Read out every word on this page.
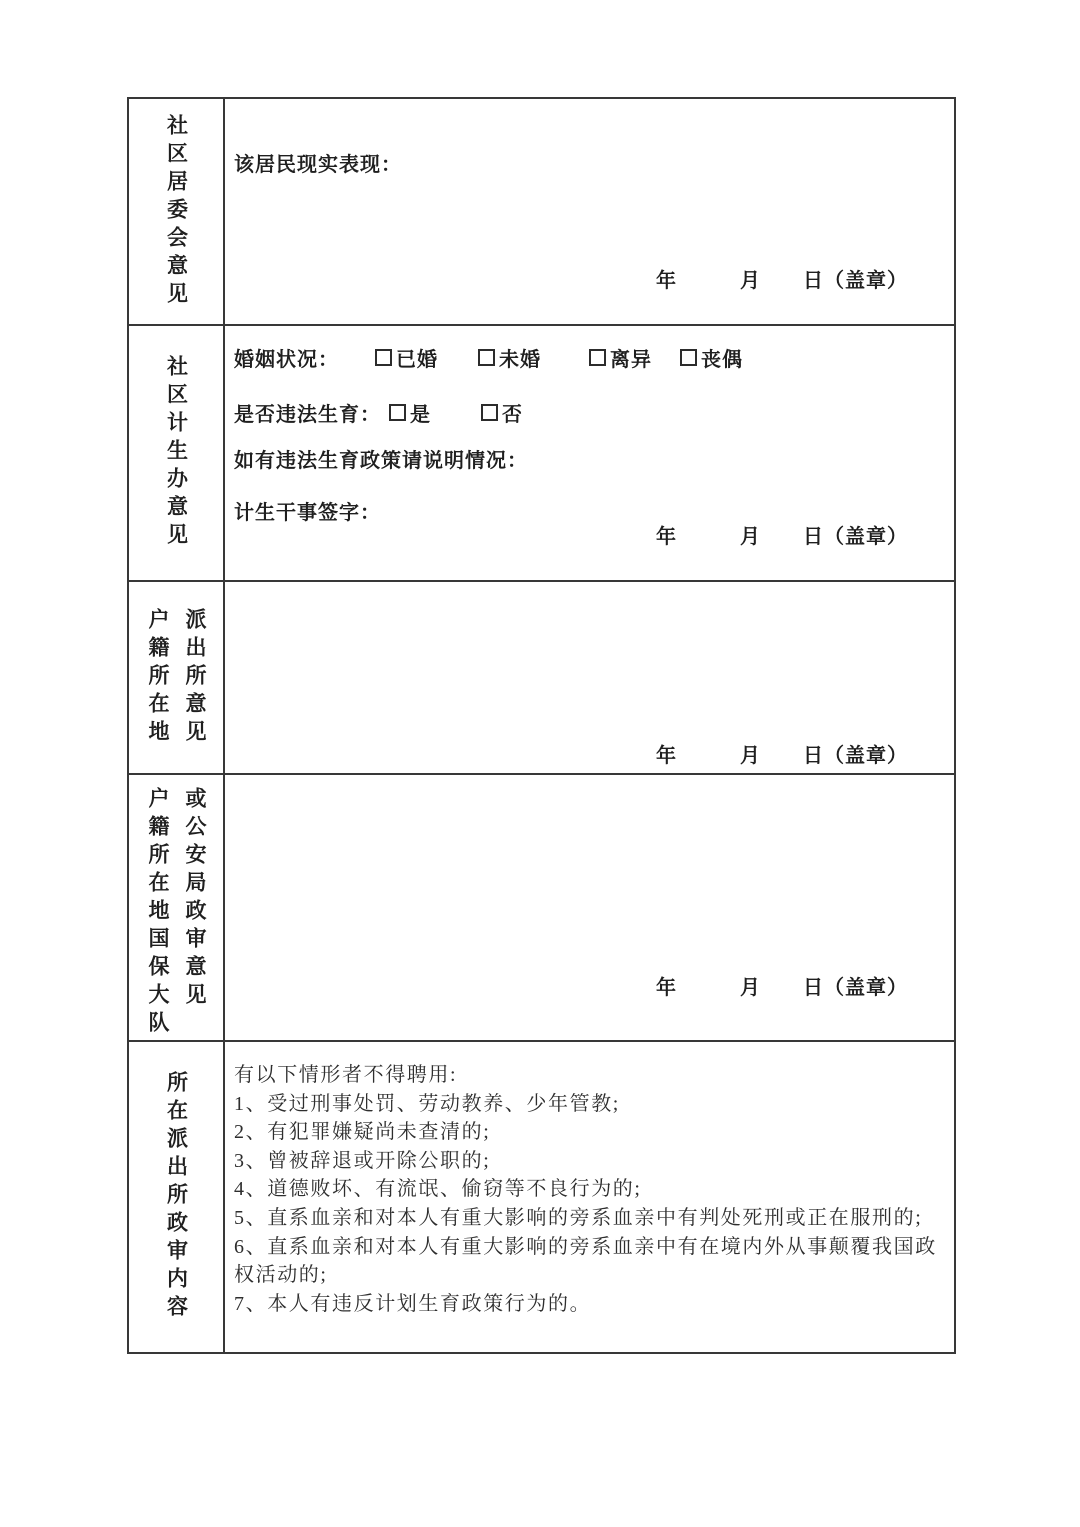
社区居委会意见 该居民现实表现：
年　　　月　　日（盖章）
社区计生办意见 婚姻状况：	已婚	未婚	离异 丧偶
是否违法生育： 是	否
如有违法生育政策请说明情况：
计生干事签字：
年　　　月　　日（盖章）
户籍所在地 派出所意见
年　　　月　　日（盖章）
户籍所在地国保大队 或公安局政审意见	年　　　月　　日（盖章）
所在派出所政审内容 有以下情形者不得聘用:
1、受过刑事处罚、劳动教养、少年管教;
2、有犯罪嫌疑尚未查清的;
3、曾被辞退或开除公职的;
4、道德败坏、有流氓、偷窃等不良行为的;
5、直系血亲和对本人有重大影响的旁系血亲中有判处死刑或正在服刑的;
6、直系血亲和对本人有重大影响的旁系血亲中有在境内外从事颠覆我国政权活动的;
7、本人有违反计划生育政策行为的。
